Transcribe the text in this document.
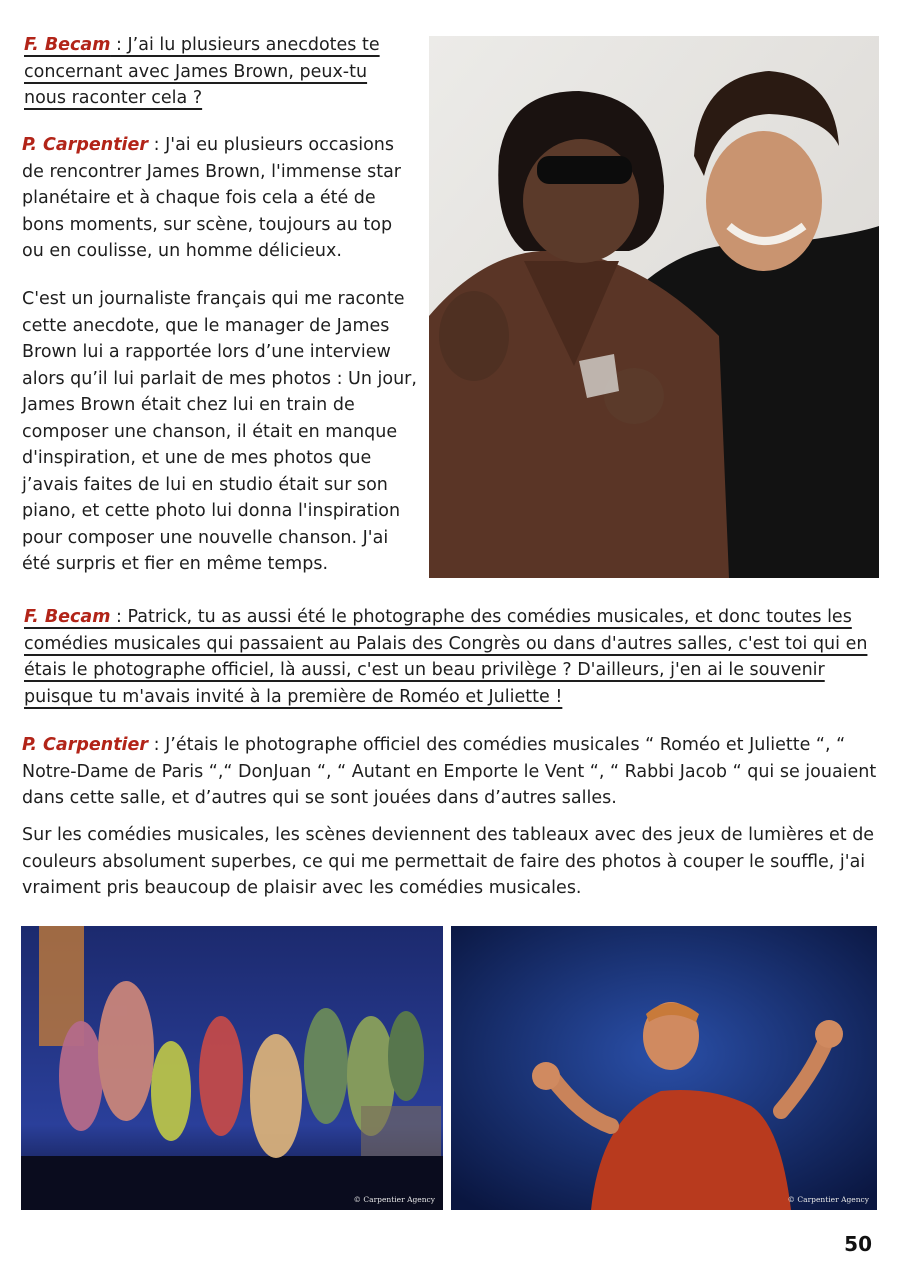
F. Becam : J’ai lu plusieurs anecdotes te concernant avec James Brown, peux-tu nous raconter cela ?

P. Carpentier : J'ai eu plusieurs occasions de rencontrer James Brown, l'immense star planétaire et à chaque fois cela a été de bons moments, sur scène, toujours au top ou en coulisse, un homme délicieux.

C'est un journaliste français qui me raconte cette anecdote, que le manager de James Brown lui a rapportée lors d’une interview alors qu’il lui parlait de mes photos : Un jour, James Brown était chez lui en train de composer une chanson, il était en manque d'inspiration, et une de mes photos que j’avais faites de lui en studio était sur son piano, et cette photo lui donna l'inspiration pour composer une nouvelle chanson. J'ai été surpris et fier en même temps.

F. Becam : Patrick, tu as aussi été le photographe des comédies musicales, et donc toutes les comédies musicales qui passaient au Palais des Congrès ou dans d'autres salles, c'est toi qui en étais le photographe officiel, là aussi, c'est un beau privilège ? D'ailleurs, j'en ai le souvenir puisque tu m'avais invité à la première de Roméo et Juliette !

P. Carpentier : J’étais le photographe officiel des comédies musicales “ Roméo et Juliette “, “ Notre-Dame de Paris “,“ DonJuan “, “ Autant en Emporte le Vent “, “ Rabbi Jacob “ qui se jouaient dans cette salle, et d’autres qui se sont jouées dans d’autres salles.

Sur les comédies musicales, les scènes deviennent des tableaux avec des jeux de lumières et de couleurs absolument superbes, ce qui me permettait de faire des photos à couper le souffle, j'ai vraiment pris beaucoup de plaisir avec les comédies musicales.

© Carpentier Agency	© Carpentier Agency
50
